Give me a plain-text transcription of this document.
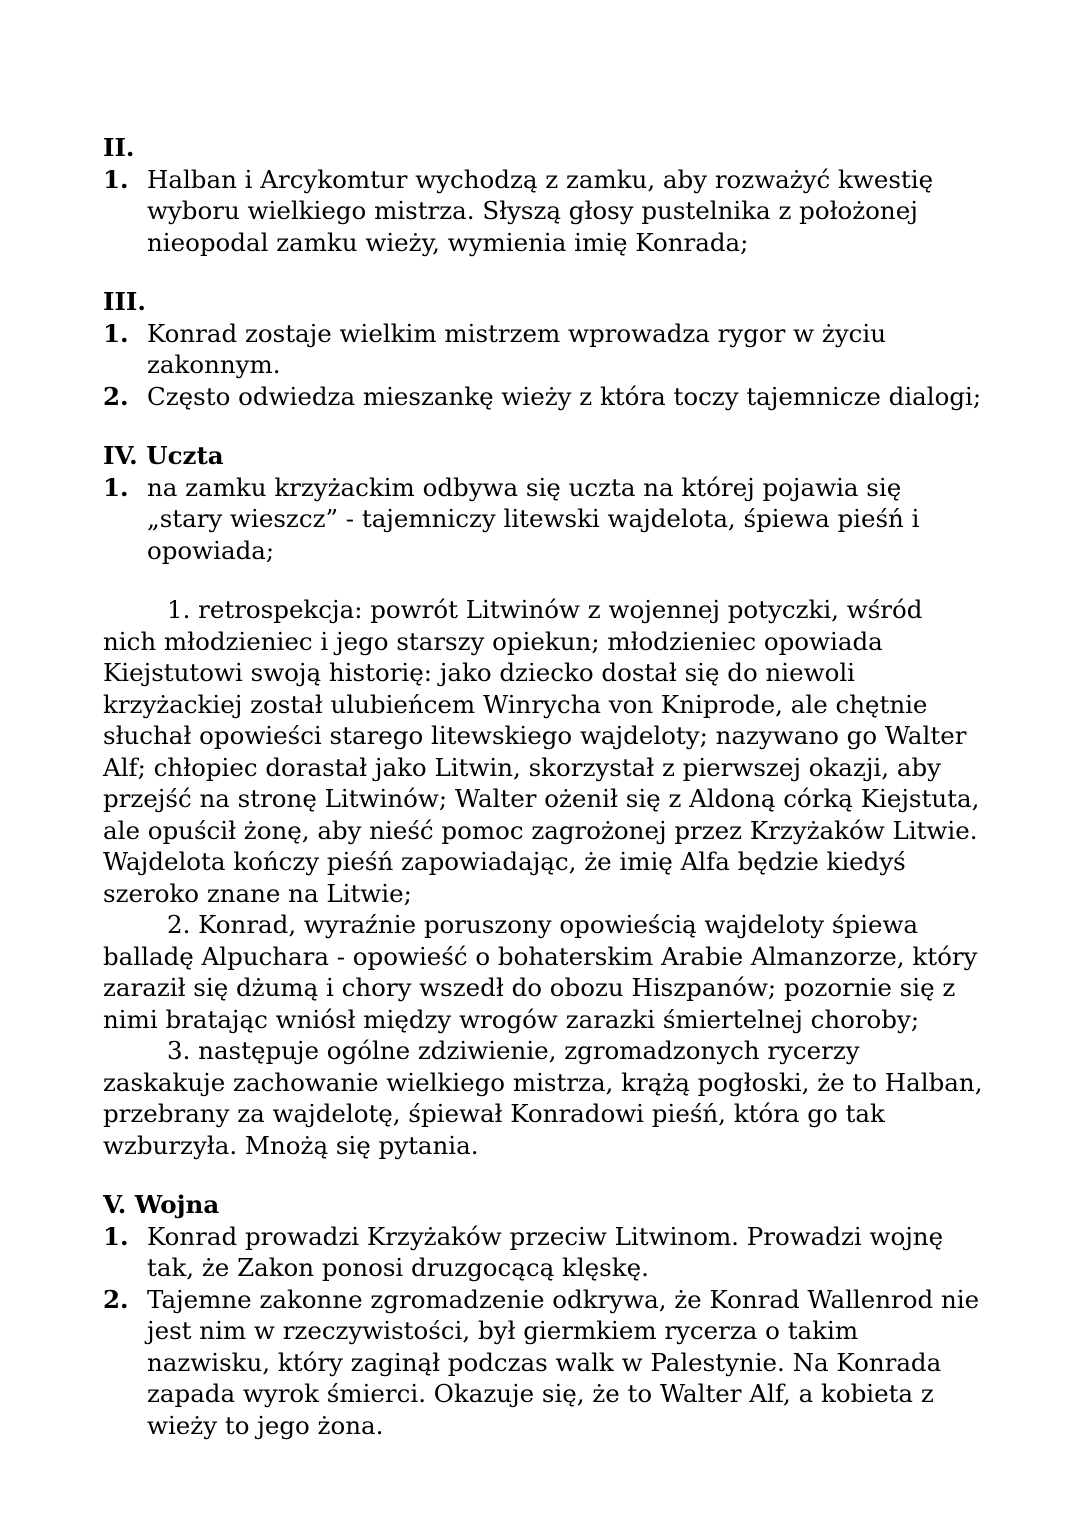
II.

1. Halban i Arcykomtur wychodzą z zamku, aby rozważyć kwestię wyboru wielkiego mistrza. Słyszą głosy pustelnika z położonej nieopodal zamku wieży, wymienia imię Konrada;

III.

1. Konrad zostaje wielkim mistrzem wprowadza rygor w życiu zakonnym.
2. Często odwiedza mieszankę wieży z która toczy tajemnicze dialogi;

IV. Uczta

1. na zamku krzyżackim odbywa się uczta na której pojawia się „stary wieszcz” - tajemniczy litewski wajdelota, śpiewa pieśń i opowiada;

1. retrospekcja: powrót Litwinów z wojennej potyczki, wśród nich młodzieniec i jego starszy opiekun; młodzieniec opowiada Kiejstutowi swoją historię: jako dziecko dostał się do niewoli krzyżackiej został ulubieńcem Winrycha von Kniprode, ale chętnie słuchał opowieści starego litewskiego wajdeloty; nazywano go Walter Alf; chłopiec dorastał jako Litwin, skorzystał z pierwszej okazji, aby przejść na stronę Litwinów; Walter ożenił się z Aldoną córką Kiejstuta, ale opuścił żonę, aby nieść pomoc zagrożonej przez Krzyżaków Litwie.

Wajdelota kończy pieśń zapowiadając, że imię Alfa będzie kiedyś szeroko znane na Litwie;

2. Konrad, wyraźnie poruszony opowieścią wajdeloty śpiewa balladę Alpuchara - opowieść o bohaterskim Arabie Almanzorze, który zaraził się dżumą i chory wszedł do obozu Hiszpanów; pozornie się z nimi bratając wniósł między wrogów zarazki śmiertelnej choroby;

3. następuje ogólne zdziwienie, zgromadzonych rycerzy zaskakuje zachowanie wielkiego mistrza, krążą pogłoski, że to Halban, przebrany za wajdelotę, śpiewał Konradowi pieśń, która go tak wzburzyła. Mnożą się pytania.

V. Wojna

1. Konrad prowadzi Krzyżaków przeciw Litwinom. Prowadzi wojnę tak, że Zakon ponosi druzgocącą klęskę.
2. Tajemne zakonne zgromadzenie odkrywa, że Konrad Wallenrod nie jest nim w rzeczywistości, był giermkiem rycerza o takim nazwisku, który zaginął podczas walk w Palestynie. Na Konrada zapada wyrok śmierci. Okazuje się, że to Walter Alf, a kobieta z wieży to jego żona.
